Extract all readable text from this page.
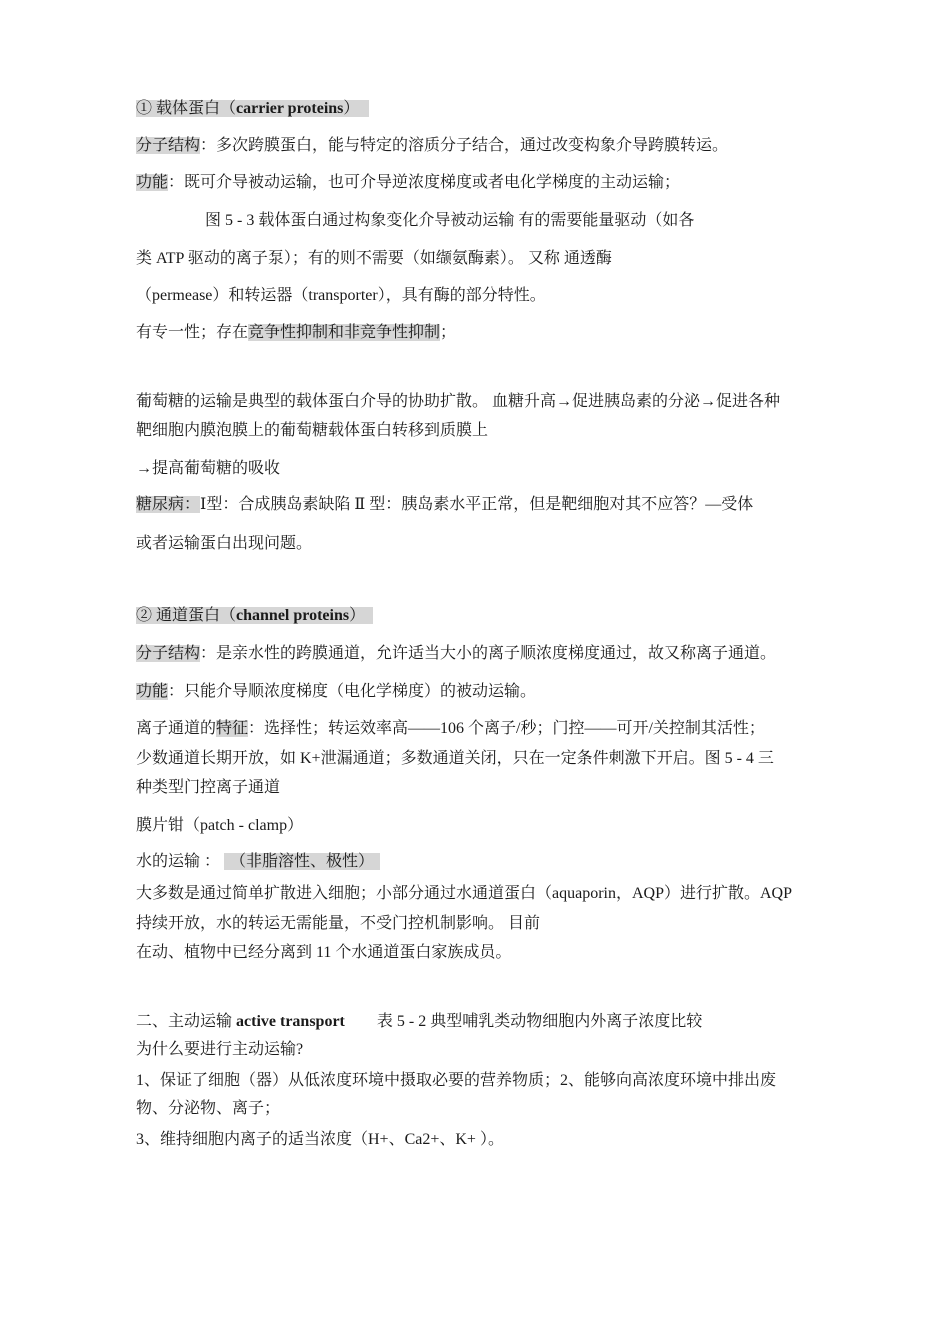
① 载体蛋白（carrier proteins）
分子结构：多次跨膜蛋白，能与特定的溶质分子结合，通过改变构象介导跨膜转运。
功能：既可介导被动运输，也可介导逆浓度梯度或者电化学梯度的主动运输；
图 5 - 3 载体蛋白通过构象变化介导被动运输 有的需要能量驱动（如各
类 ATP 驱动的离子泵）；有的则不需要（如缬氨酶素）。 又称 通透酶
（permease）和转运器（transporter），具有酶的部分特性。
有专一性；存在竞争性抑制和非竞争性抑制；
葡萄糖的运输是典型的载体蛋白介导的协助扩散。 血糖升高→促进胰岛素的分泌→促进各种
靶细胞内膜泡膜上的葡萄糖载体蛋白转移到质膜上
→提高葡萄糖的吸收
糖尿病：Ⅰ型：合成胰岛素缺陷 Ⅱ 型：胰岛素水平正常，但是靶细胞对其不应答？—受体
或者运输蛋白出现问题。
② 通道蛋白（channel proteins）
分子结构：是亲水性的跨膜通道，允许适当大小的离子顺浓度梯度通过，故又称离子通道。
功能：只能介导顺浓度梯度（电化学梯度）的被动运输。
离子通道的特征：选择性；转运效率高——106 个离子/秒；门控——可开/关控制其活性；
少数通道长期开放，如 K+泄漏通道；多数通道关闭，只在一定条件刺激下开启。图 5 - 4 三
种类型门控离子通道
膜片钳（patch - clamp）
水的运输 ： （非脂溶性、极性）
大多数是通过简单扩散进入细胞；小部分通过水通道蛋白（aquaporin，AQP）进行扩散。AQP
持续开放，水的转运无需能量，不受门控机制影响。 目前
在动、植物中已经分离到 11 个水通道蛋白家族成员。
二、主动运输 active transport 表 5 - 2 典型哺乳类动物细胞内外离子浓度比较
为什么要进行主动运输?
1、保证了细胞（器）从低浓度环境中摄取必要的营养物质；2、能够向高浓度环境中排出废
物、分泌物、离子；
3、维持细胞内离子的适当浓度（H+、Ca2+、K+ ）。
